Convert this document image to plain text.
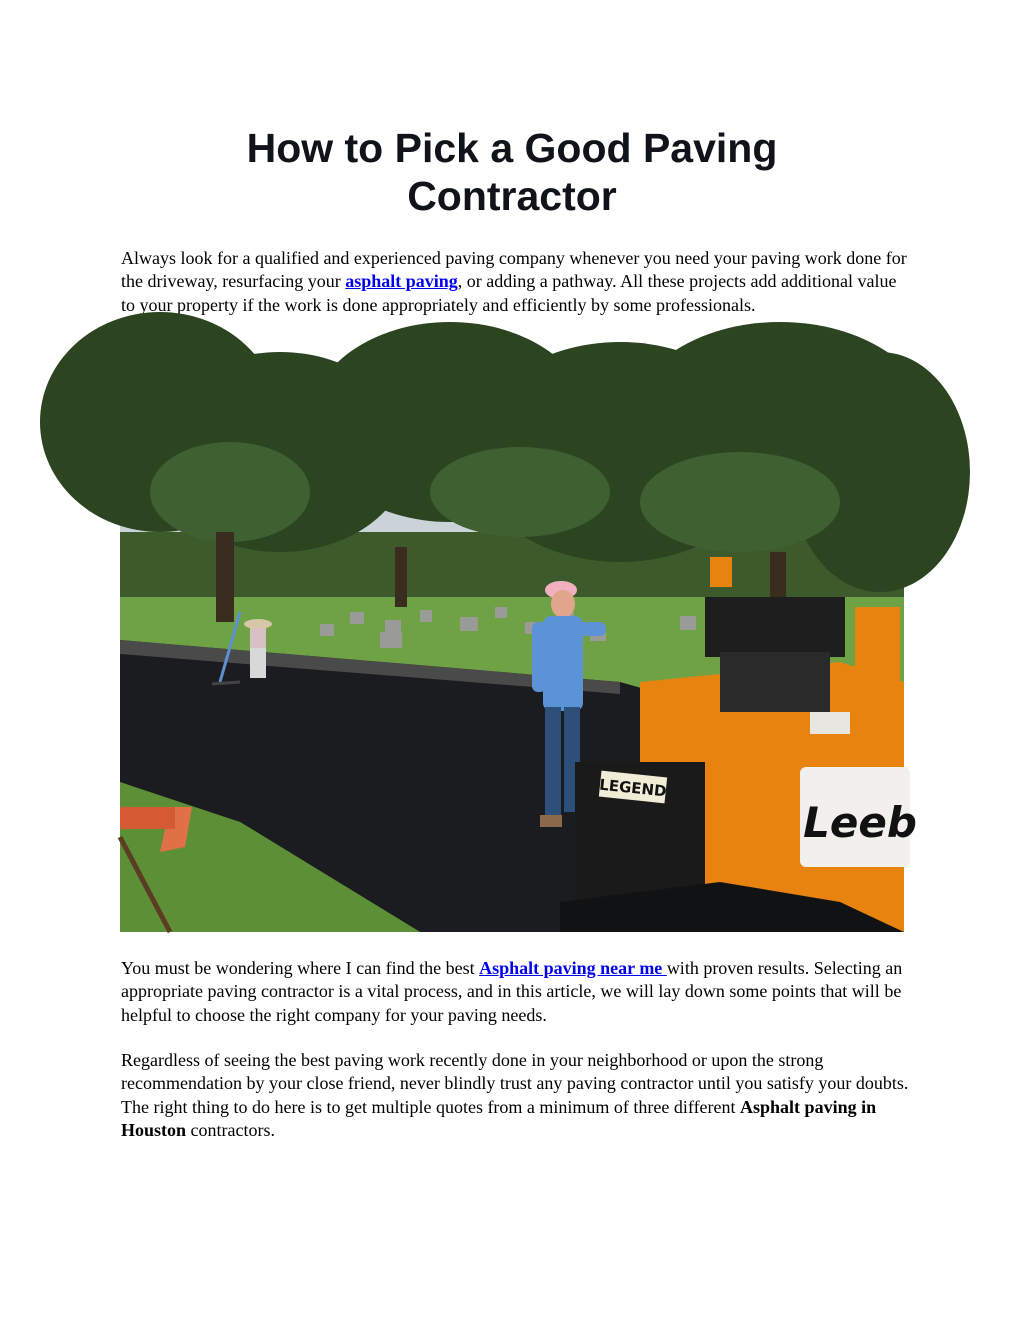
How to Pick a Good Paving Contractor

Always look for a qualified and experienced paving company whenever you need your paving work done for the driveway, resurfacing your asphalt paving, or adding a pathway. All these projects add additional value to your property if the work is done appropriately and efficiently by some professionals.

LEGEND
Leeb

You must be wondering where I can find the best Asphalt paving near me with proven results. Selecting an appropriate paving contractor is a vital process, and in this article, we will lay down some points that will be helpful to choose the right company for your paving needs.

Regardless of seeing the best paving work recently done in your neighborhood or upon the strong recommendation by your close friend, never blindly trust any paving contractor until you satisfy your doubts. The right thing to do here is to get multiple quotes from a minimum of three different Asphalt paving in Houston contractors.
